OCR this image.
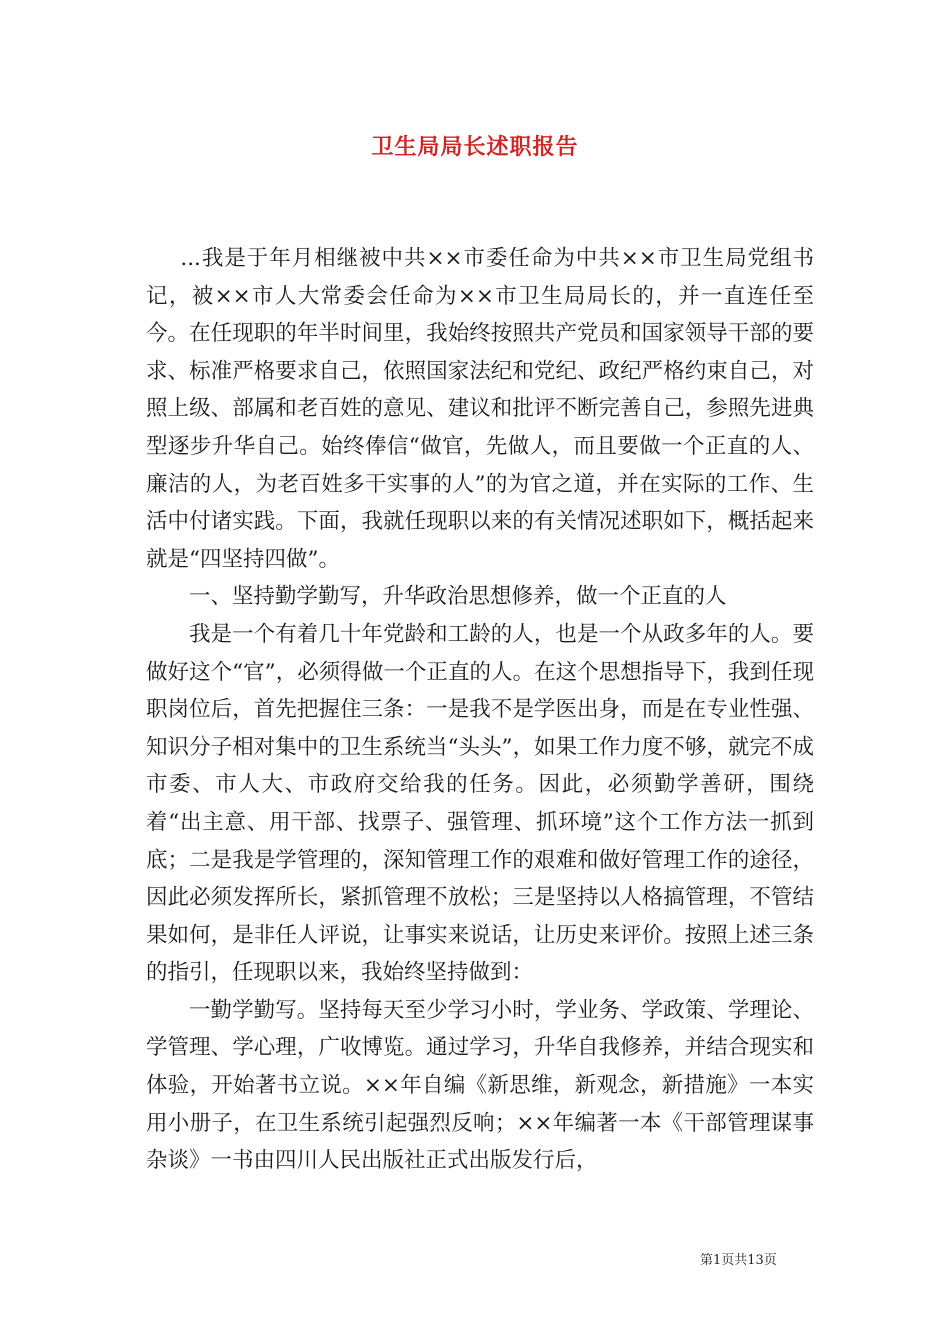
卫生局局长述职报告

...我是于年月相继被中共××市委任命为中共××市卫生局党组书记，被××市人大常委会任命为××市卫生局局长的，并一直连任至今。在任现职的年半时间里，我始终按照共产党员和国家领导干部的要求、标准严格要求自己，依照国家法纪和党纪、政纪严格约束自己，对照上级、部属和老百姓的意见、建议和批评不断完善自己，参照先进典型逐步升华自己。始终俸信“做官，先做人，而且要做一个正直的人、廉洁的人，为老百姓多干实事的人”的为官之道，并在实际的工作、生活中付诸实践。下面，我就任现职以来的有关情况述职如下，概括起来就是“四坚持四做”。

一、坚持勤学勤写，升华政治思想修养，做一个正直的人

我是一个有着几十年党龄和工龄的人，也是一个从政多年的人。要做好这个“官”，必须得做一个正直的人。在这个思想指导下，我到任现职岗位后，首先把握住三条：一是我不是学医出身，而是在专业性强、知识分子相对集中的卫生系统当“头头”，如果工作力度不够，就完不成市委、市人大、市政府交给我的任务。因此，必须勤学善研，围绕着“出主意、用干部、找票子、强管理、抓环境”这个工作方法一抓到底；二是我是学管理的，深知管理工作的艰难和做好管理工作的途径，因此必须发挥所长，紧抓管理不放松；三是坚持以人格搞管理，不管结果如何，是非任人评说，让事实来说话，让历史来评价。按照上述三条的指引，任现职以来，我始终坚持做到：

一勤学勤写。坚持每天至少学习小时，学业务、学政策、学理论、学管理、学心理，广收博览。通过学习，升华自我修养，并结合现实和体验，开始著书立说。××年自编《新思维，新观念，新措施》一本实用小册子，在卫生系统引起强烈反响；××年编著一本《干部管理谋事杂谈》一书由四川人民出版社正式出版发行后，

第1页共13页
